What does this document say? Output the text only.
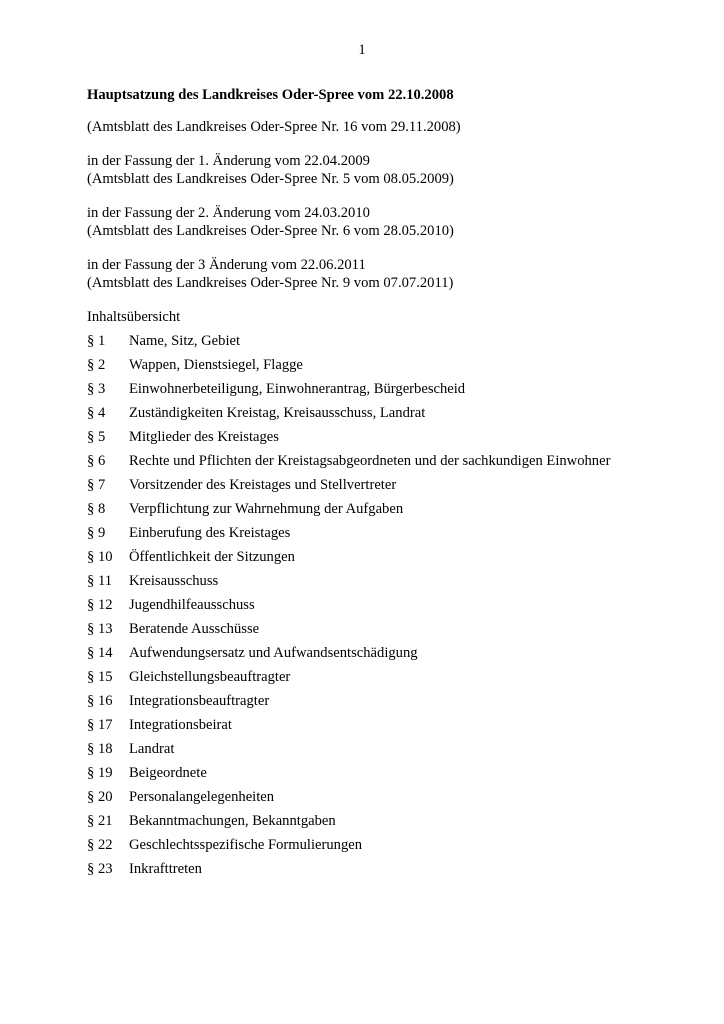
1
Hauptsatzung des Landkreises Oder-Spree vom 22.10.2008
(Amtsblatt des Landkreises Oder-Spree Nr. 16 vom 29.11.2008)
in der Fassung der 1. Änderung vom 22.04.2009
(Amtsblatt des Landkreises Oder-Spree Nr. 5 vom 08.05.2009)
in der Fassung der 2. Änderung vom 24.03.2010
(Amtsblatt des Landkreises Oder-Spree Nr. 6 vom 28.05.2010)
in der Fassung der 3 Änderung vom 22.06.2011
(Amtsblatt des Landkreises Oder-Spree Nr. 9 vom 07.07.2011)
Inhaltsübersicht
§ 1	Name, Sitz, Gebiet
§ 2	Wappen, Dienstsiegel, Flagge
§ 3	Einwohnerbeteiligung, Einwohnerantrag, Bürgerbescheid
§ 4	Zuständigkeiten Kreistag, Kreisausschuss, Landrat
§ 5	Mitglieder des Kreistages
§ 6	Rechte und Pflichten der Kreistagsabgeordneten und der sachkundigen Einwohner
§ 7	Vorsitzender des Kreistages und Stellvertreter
§ 8	Verpflichtung zur Wahrnehmung der Aufgaben
§ 9	Einberufung des Kreistages
§ 10	Öffentlichkeit der Sitzungen
§ 11	Kreisausschuss
§ 12	Jugendhilfeausschuss
§ 13	Beratende Ausschüsse
§ 14	Aufwendungsersatz und Aufwandsentschädigung
§ 15	Gleichstellungsbeauftragter
§ 16	Integrationsbeauftragter
§ 17	Integrationsbeirat
§ 18	Landrat
§ 19	Beigeordnete
§ 20	Personalangelegenheiten
§ 21	Bekanntmachungen, Bekanntgaben
§ 22	Geschlechtsspezifische Formulierungen
§ 23	Inkrafttreten
